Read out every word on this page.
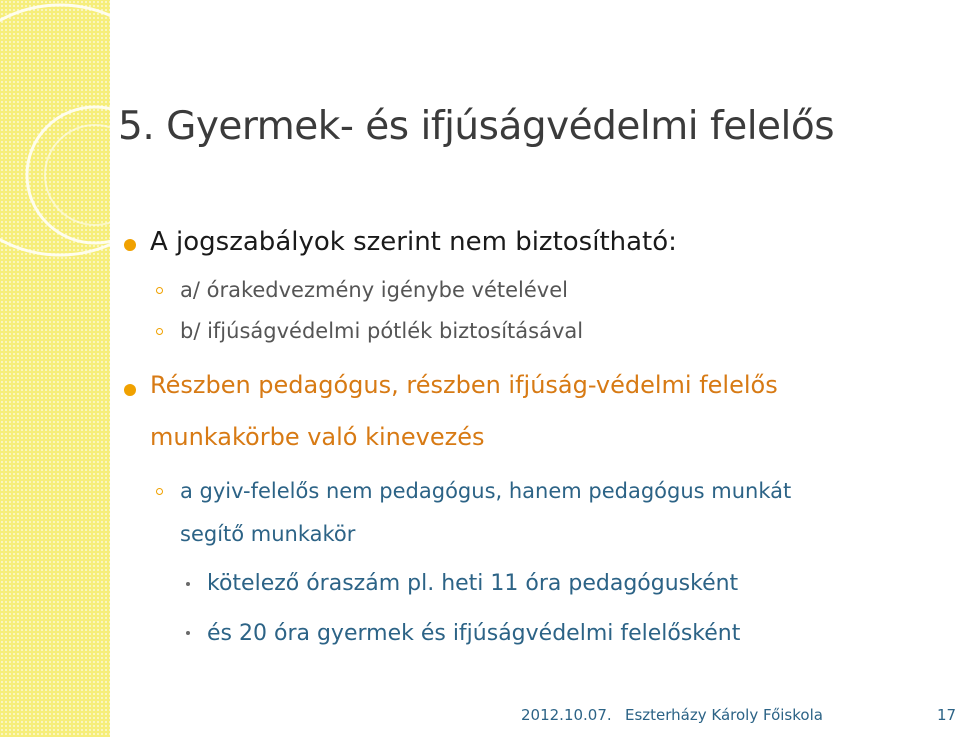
5. Gyermek- és ifjúságvédelmi felelős
A jogszabályok szerint nem biztosítható:
a/ órakedvezmény igénybe vételével
b/ ifjúságvédelmi pótlék biztosításával
Részben pedagógus, részben ifjúság-védelmi felelős
munkakörbe való kinevezés
a gyiv-felelős nem pedagógus, hanem pedagógus munkát
segítő munkakör
kötelező óraszám pl. heti 11 óra pedagógusként
és 20 óra gyermek és ifjúságvédelmi felelősként
2012.10.07. Eszterházy Károly Főiskola	17
